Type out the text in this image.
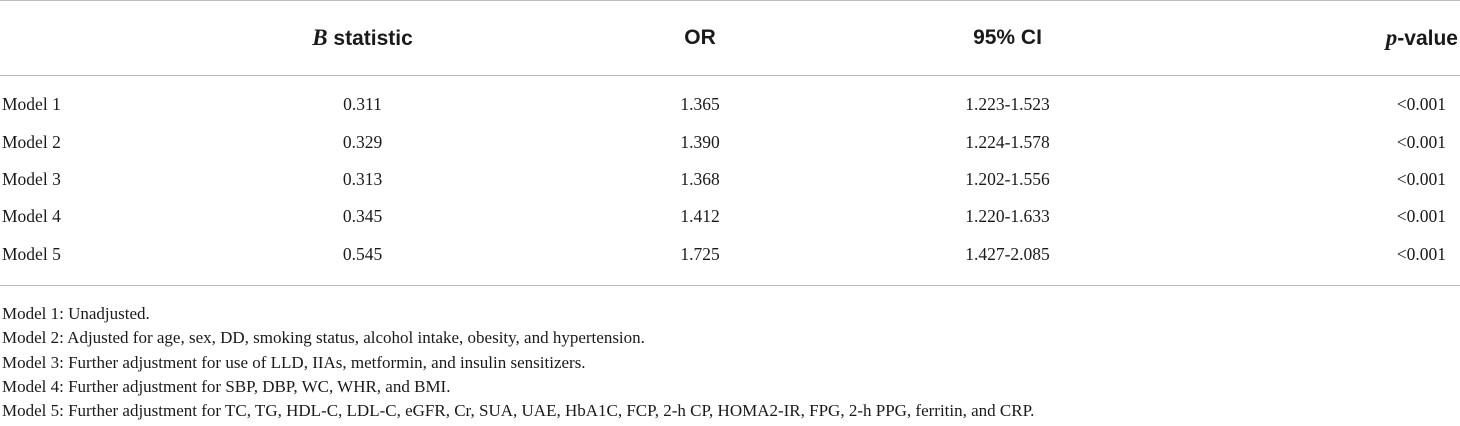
	B statistic	OR	95% CI	p-value
Model 1	0.311	1.365	1.223-1.523	<0.001
Model 2	0.329	1.390	1.224-1.578	<0.001
Model 3	0.313	1.368	1.202-1.556	<0.001
Model 4	0.345	1.412	1.220-1.633	<0.001
Model 5	0.545	1.725	1.427-2.085	<0.001
Model 1: Unadjusted.
Model 2: Adjusted for age, sex, DD, smoking status, alcohol intake, obesity, and hypertension.
Model 3: Further adjustment for use of LLD, IIAs, metformin, and insulin sensitizers.
Model 4: Further adjustment for SBP, DBP, WC, WHR, and BMI.
Model 5: Further adjustment for TC, TG, HDL-C, LDL-C, eGFR, Cr, SUA, UAE, HbA1C, FCP, 2-h CP, HOMA2-IR, FPG, 2-h PPG, ferritin, and CRP.
